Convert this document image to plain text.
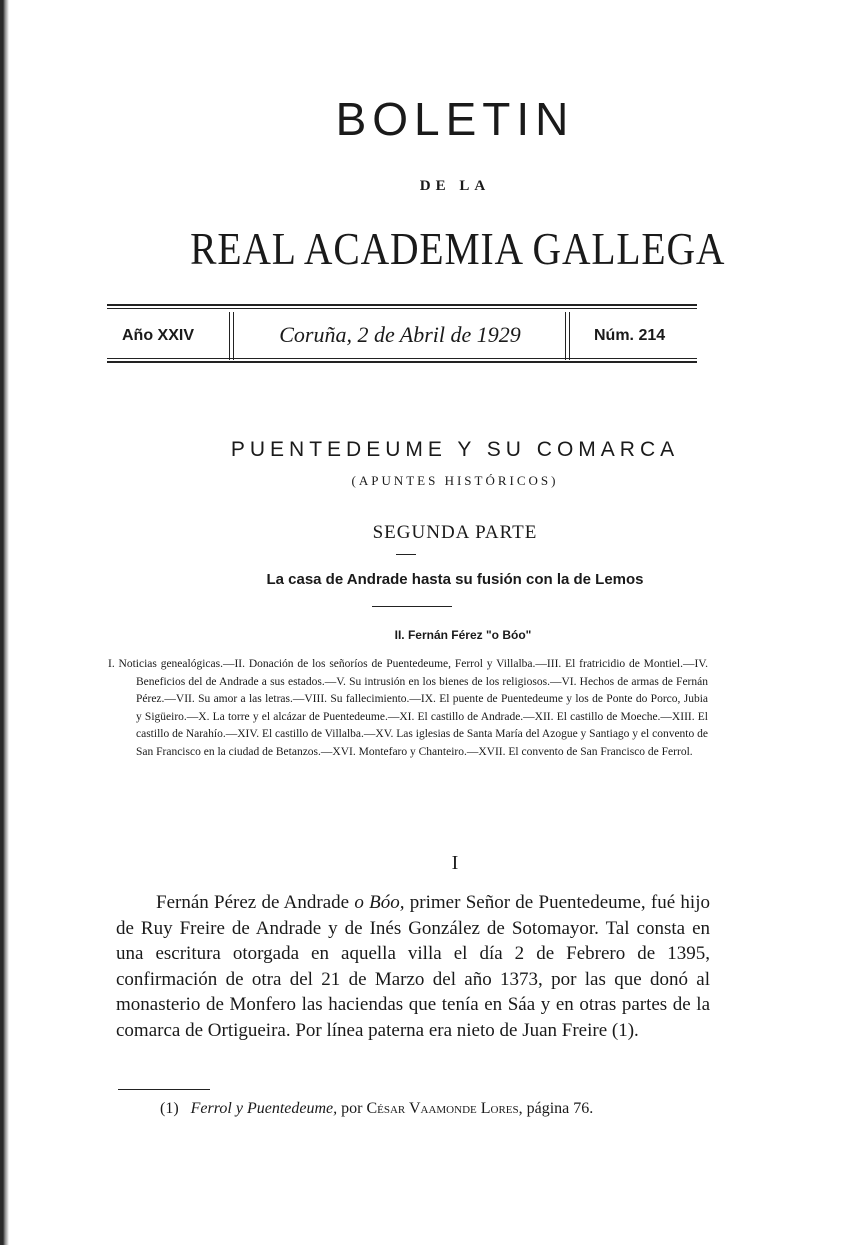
BOLETIN
DE LA
REAL ACADEMIA GALLEGA
Año XXIV	Coruña, 2 de Abril de 1929	Núm. 214
PUENTEDEUME Y SU COMARCA
(APUNTES HISTÓRICOS)
SEGUNDA PARTE
La casa de Andrade hasta su fusión con la de Lemos
II. Fernán Férez "o Bóo"
I. Noticias genealógicas.—II. Donación de los señoríos de Puentedeume, Ferrol y Villalba.—III. El fratricidio de Montiel.—IV. Beneficios del de Andrade a sus estados.—V. Su intrusión en los bienes de los religiosos.—VI. Hechos de armas de Fernán Pérez.—VII. Su amor a las letras.—VIII. Su fallecimiento.—IX. El puente de Puentedeume y los de Ponte do Porco, Jubia y Sigüeiro.—X. La torre y el alcázar de Puentedeume.—XI. El castillo de Andrade.—XII. El castillo de Moeche.—XIII. El castillo de Narahío.—XIV. El castillo de Villalba.—XV. Las iglesias de Santa María del Azogue y Santiago y el convento de San Francisco en la ciudad de Betanzos.—XVI. Montefaro y Chanteiro.—XVII. El convento de San Francisco de Ferrol.
I
Fernán Pérez de Andrade o Bóo, primer Señor de Puentedeume, fué hijo de Ruy Freire de Andrade y de Inés González de Sotomayor. Tal consta en una escritura otorgada en aquella villa el día 2 de Febrero de 1395, confirmación de otra del 21 de Marzo del año 1373, por las que donó al monasterio de Monfero las haciendas que tenía en Sáa y en otras partes de la comarca de Ortigueira. Por línea paterna era nieto de Juan Freire (1).
(1) Ferrol y Puentedeume, por César Vaamonde Lores, página 76.
